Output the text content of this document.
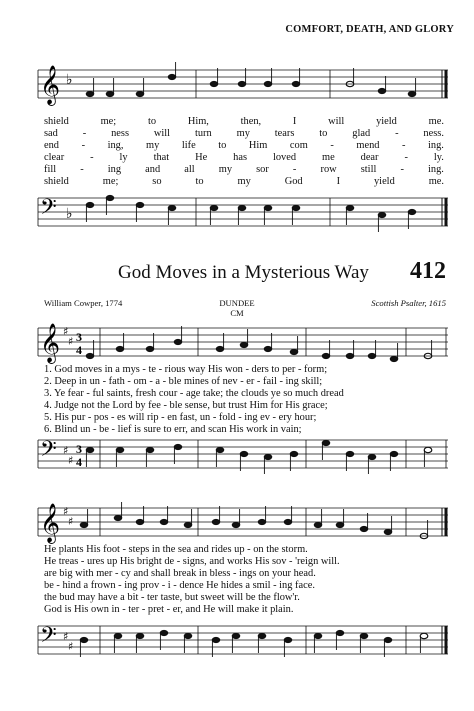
COMFORT, DEATH, AND GLORY
𝄞 ♭
shield	me;	to	Him,	then,	I	will	yield	me.
sad - ness will turn my tears to glad - ness.
end - ing, my life to Him com - mend - ing.
clear - ly that He has loved me dear - ly.
fill - ing and all my sor - row still - ing.
shield	me;	so	to	my	God	I	yield	me.
𝄢 ♭
God Moves in a Mysterious Way 412
William Cowper, 1774	DUNDEE
CM
Scottish Psalter, 1615
𝄞 ♯
♯ 3
4
1. God moves in a mys - te - rious way His won - ders to per - form;
2. Deep in un - fath - om - a - ble mines of nev - er - fail - ing skill;
3. Ye fear - ful saints, fresh cour - age take; the clouds ye so much dread
4. Judge not the Lord by fee - ble sense, but trust Him for His grace;
5. His pur - pos - es will rip - en fast, un - fold - ing ev - ery hour;
6. Blind un - be - lief is sure to err, and scan His work in vain;
𝄢 ♯
♯
3
4
𝄞 ♯
♯
He plants His foot - steps in the sea and rides up - on the storm.
He treas - ures up His bright de - signs, and works His sov - 'reign will.
are big with mer - cy and shall break in bless - ings on your head.
be - hind a frown - ing prov - i - dence He hides a smil - ing face.
the bud may have a bit - ter taste, but sweet will be the flow'r.
God is His own in - ter - pret - er, and He will make it plain.
𝄢 ♯
♯
